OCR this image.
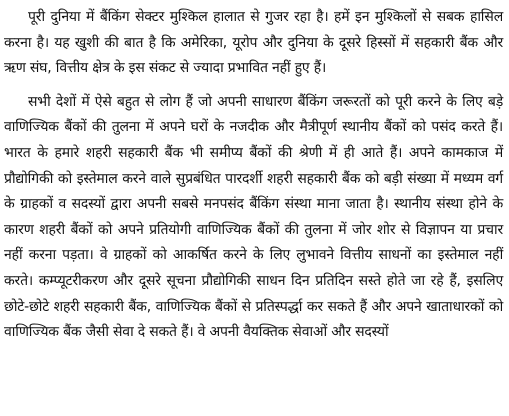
पूरी दुनिया में बैंकिंग सेक्टर मुश्किल हालात से गुजर रहा है। हमें इन मुश्किलों से सबक हासिल करना है। यह खुशी की बात है कि अमेरिका, यूरोप और दुनिया के दूसरे हिस्सों में सहकारी बैंक और ऋण संघ, वित्तीय क्षेत्र के इस संकट से ज्यादा प्रभावित नहीं हुए हैं।

सभी देशों में ऐसे बहुत से लोग हैं जो अपनी साधारण बैंकिंग जरूरतों को पूरी करने के लिए बड़े वाणिज्यिक बैंकों की तुलना में अपने घरों के नजदीक और मैत्रीपूर्ण स्थानीय बैंकों को पसंद करते हैं। भारत के हमारे शहरी सहकारी बैंक भी समीप्य बैंकों की श्रेणी में ही आते हैं। अपने कामकाज में प्रौद्योगिकी को इस्तेमाल करने वाले सुप्रबंधित पारदर्शी शहरी सहकारी बैंक को बड़ी संख्या में मध्यम वर्ग के ग्राहकों व सदस्यों द्वारा अपनी सबसे मनपसंद बैंकिंग संस्था माना जाता है। स्थानीय संस्था होने के कारण शहरी बैंकों को अपने प्रतियोगी वाणिज्यिक बैंकों की तुलना में जोर शोर से विज्ञापन या प्रचार नहीं करना पड़ता। वे ग्राहकों को आकर्षित करने के लिए लुभावने वित्तीय साधनों का इस्तेमाल नहीं करते। कम्प्यूटरीकरण और दूसरे सूचना प्रौद्योगिकी साधन दिन प्रतिदिन सस्ते होते जा रहे हैं, इसलिए छोटे-छोटे शहरी सहकारी बैंक, वाणिज्यिक बैंकों से प्रतिस्पर्द्धा कर सकते हैं और अपने खाताधारकों को वाणिज्यिक बैंक जैसी सेवा दे सकते हैं। वे अपनी वैयक्तिक सेवाओं और सदस्यों
